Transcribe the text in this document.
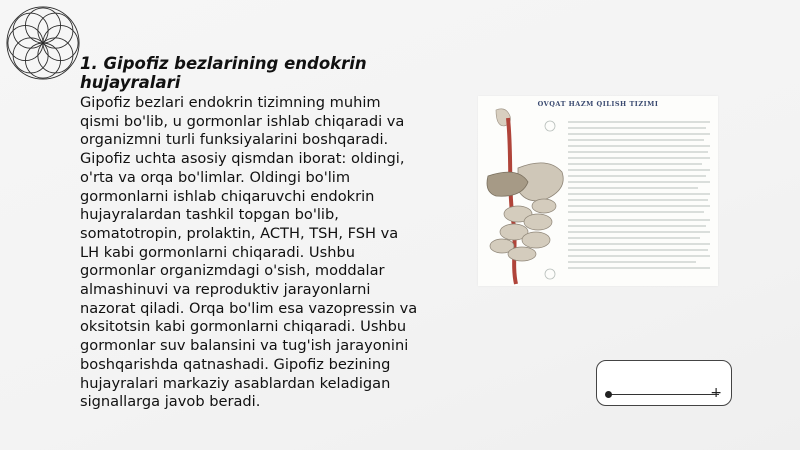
1. Gipofiz bezlarining endokrin hujayralari

Gipofiz bezlari endokrin tizimning muhim qismi bo'lib, u gormonlar ishlab chiqaradi va organizmni turli funksiyalarini boshqaradi. Gipofiz uchta asosiy qismdan iborat: oldingi, o'rta va orqa bo'limlar. Oldingi bo'lim gormonlarni ishlab chiqaruvchi endokrin hujayralardan tashkil topgan bo'lib, somatotropin, prolaktin, ACTH, TSH, FSH va LH kabi gormonlarni chiqaradi. Ushbu gormonlar organizmdagi o'sish, moddalar almashinuvi va reproduktiv jarayonlarni nazorat qiladi. Orqa bo'lim esa vazopressin va oksitotsin kabi gormonlarni chiqaradi. Ushbu gormonlar suv balansini va tug'ish jarayonini boshqarishda qatnashadi. Gipofiz bezining hujayralari markaziy asablardan keladigan signallarga javob beradi.

OVQAT HAZM QILISH TIZIMI
+
